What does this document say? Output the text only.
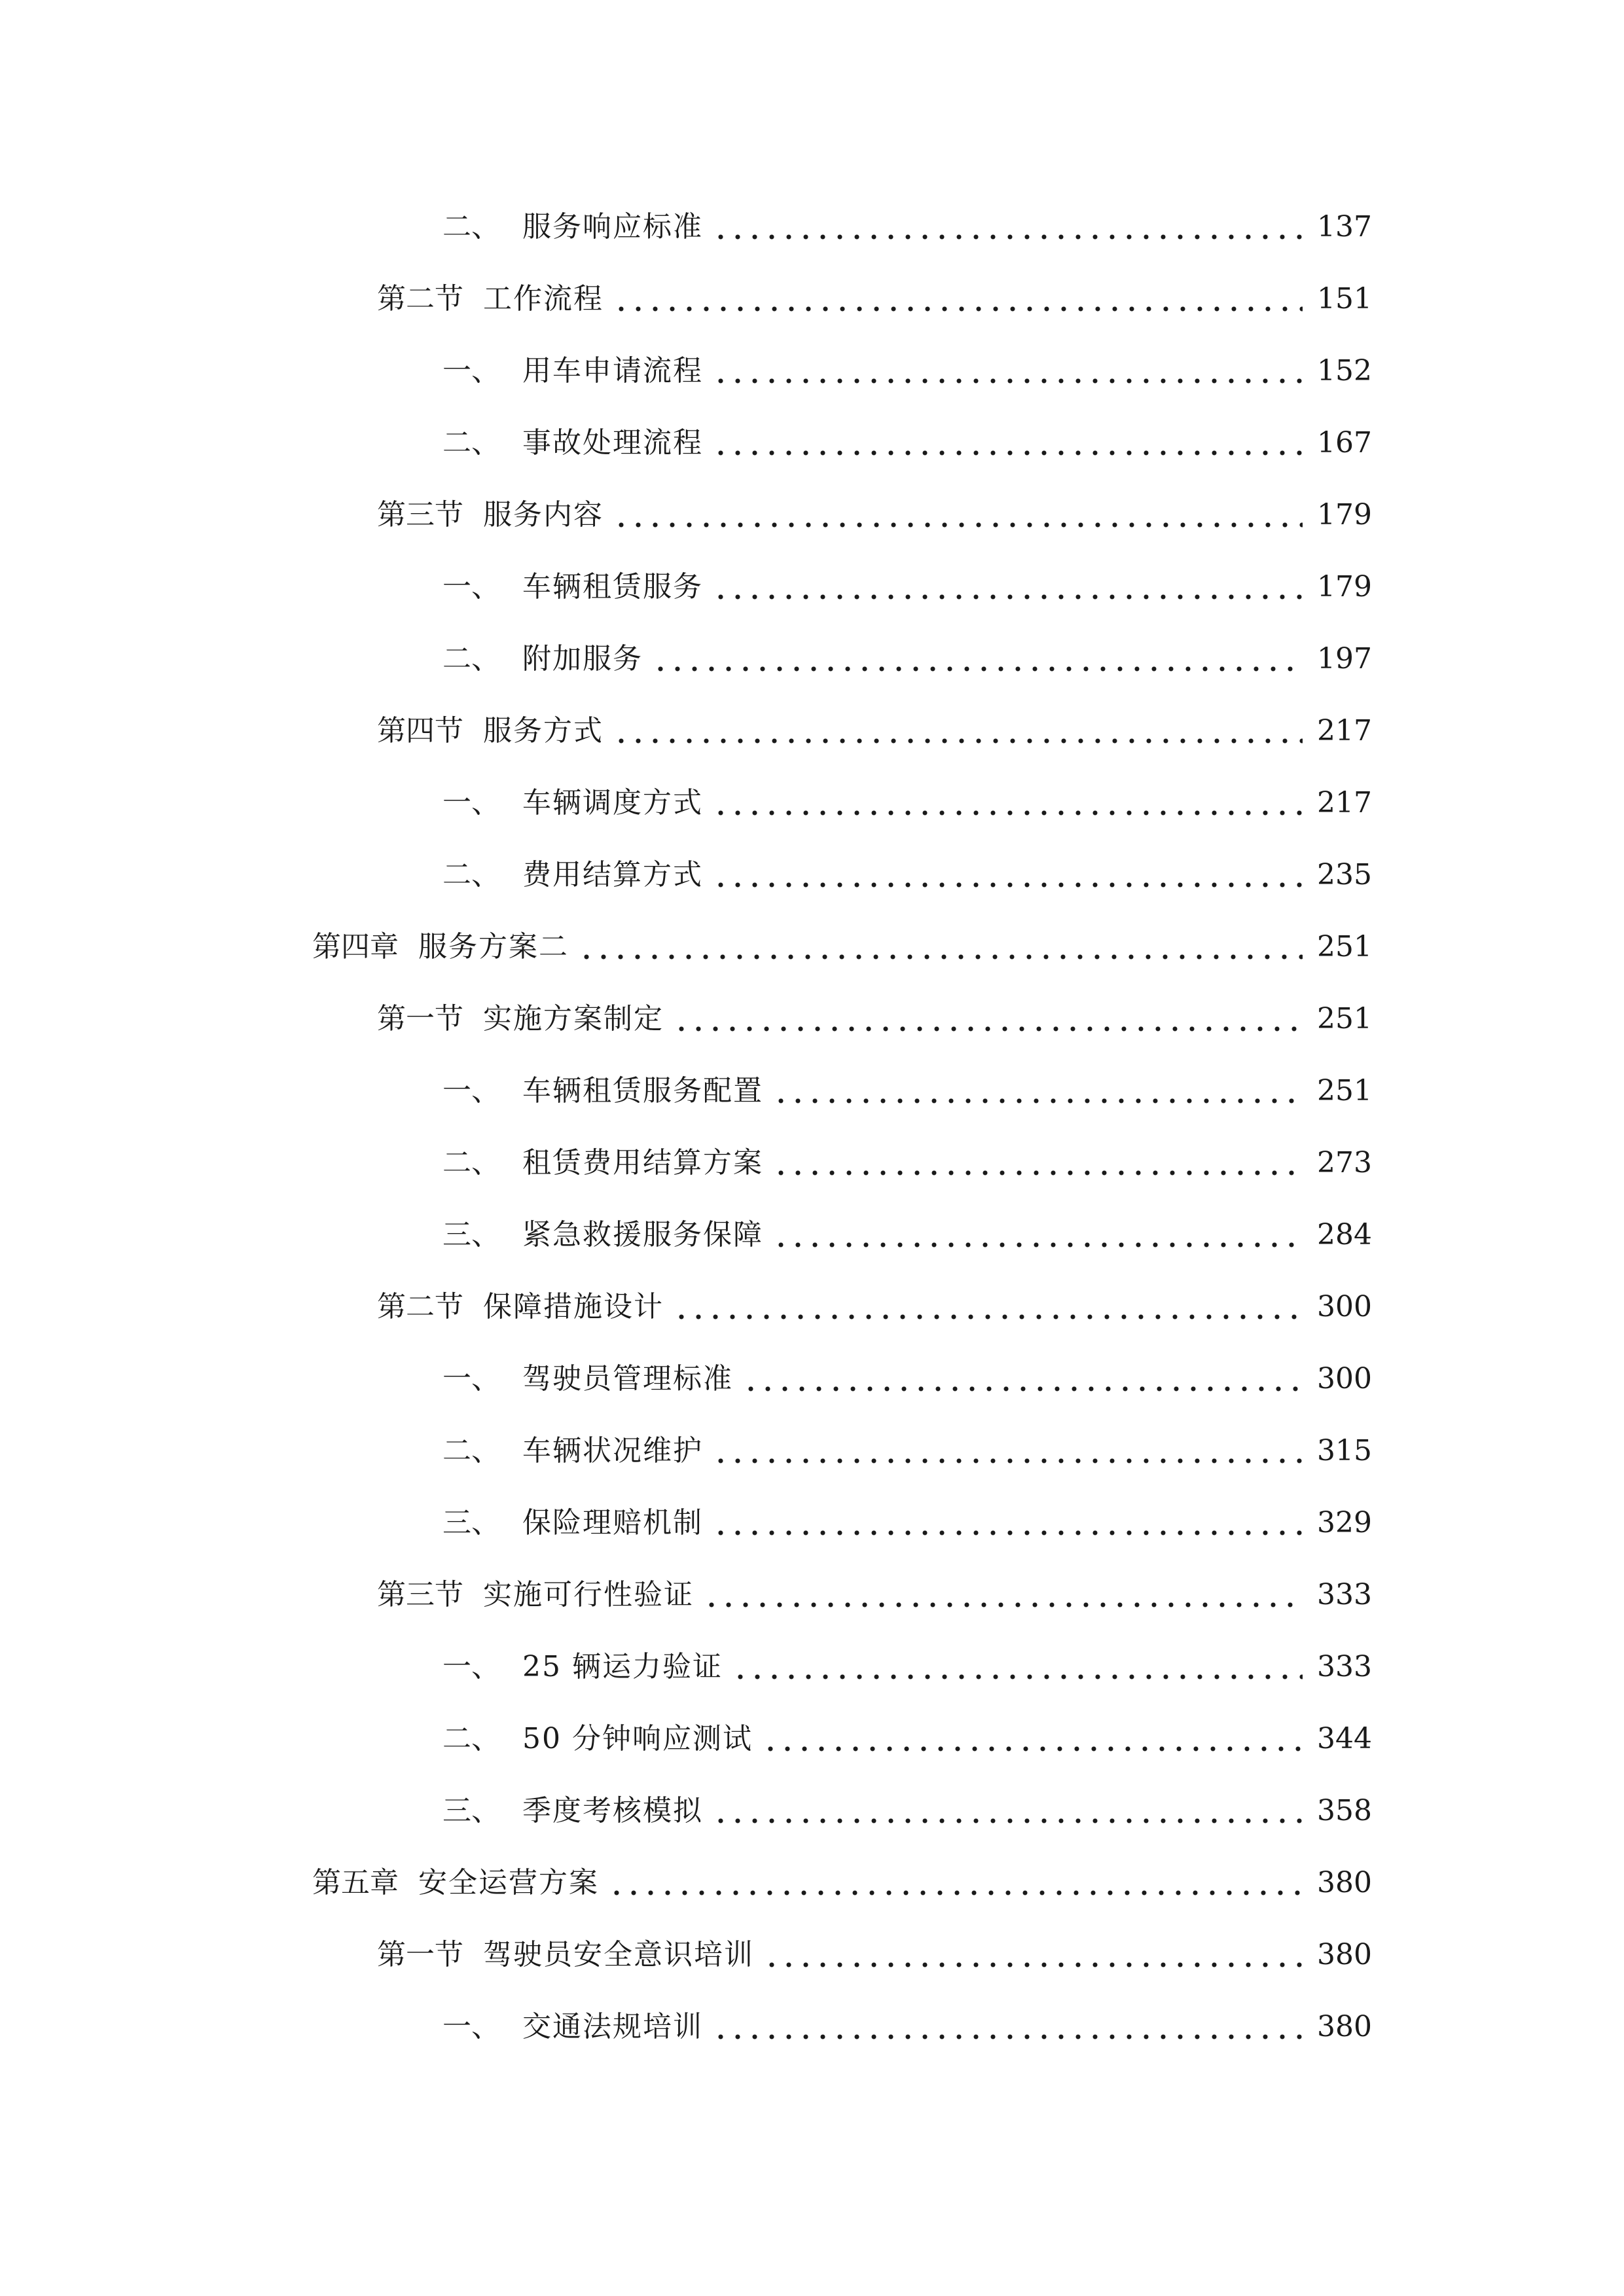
二、 服务响应标准	137
第二节 工作流程	151
一、 用车申请流程	152
二、 事故处理流程	167
第三节 服务内容	179
一、 车辆租赁服务	179
二、 附加服务	197
第四节 服务方式	217
一、 车辆调度方式	217
二、 费用结算方式	235
第四章 服务方案二	251
第一节 实施方案制定	251
一、 车辆租赁服务配置	251
二、 租赁费用结算方案	273
三、 紧急救援服务保障	284
第二节 保障措施设计	300
一、 驾驶员管理标准	300
二、 车辆状况维护	315
三、 保险理赔机制	329
第三节 实施可行性验证	333
一、 25 辆运力验证	333
二、 50 分钟响应测试	344
三、 季度考核模拟	358
第五章 安全运营方案	380
第一节 驾驶员安全意识培训	380
一、 交通法规培训	380
